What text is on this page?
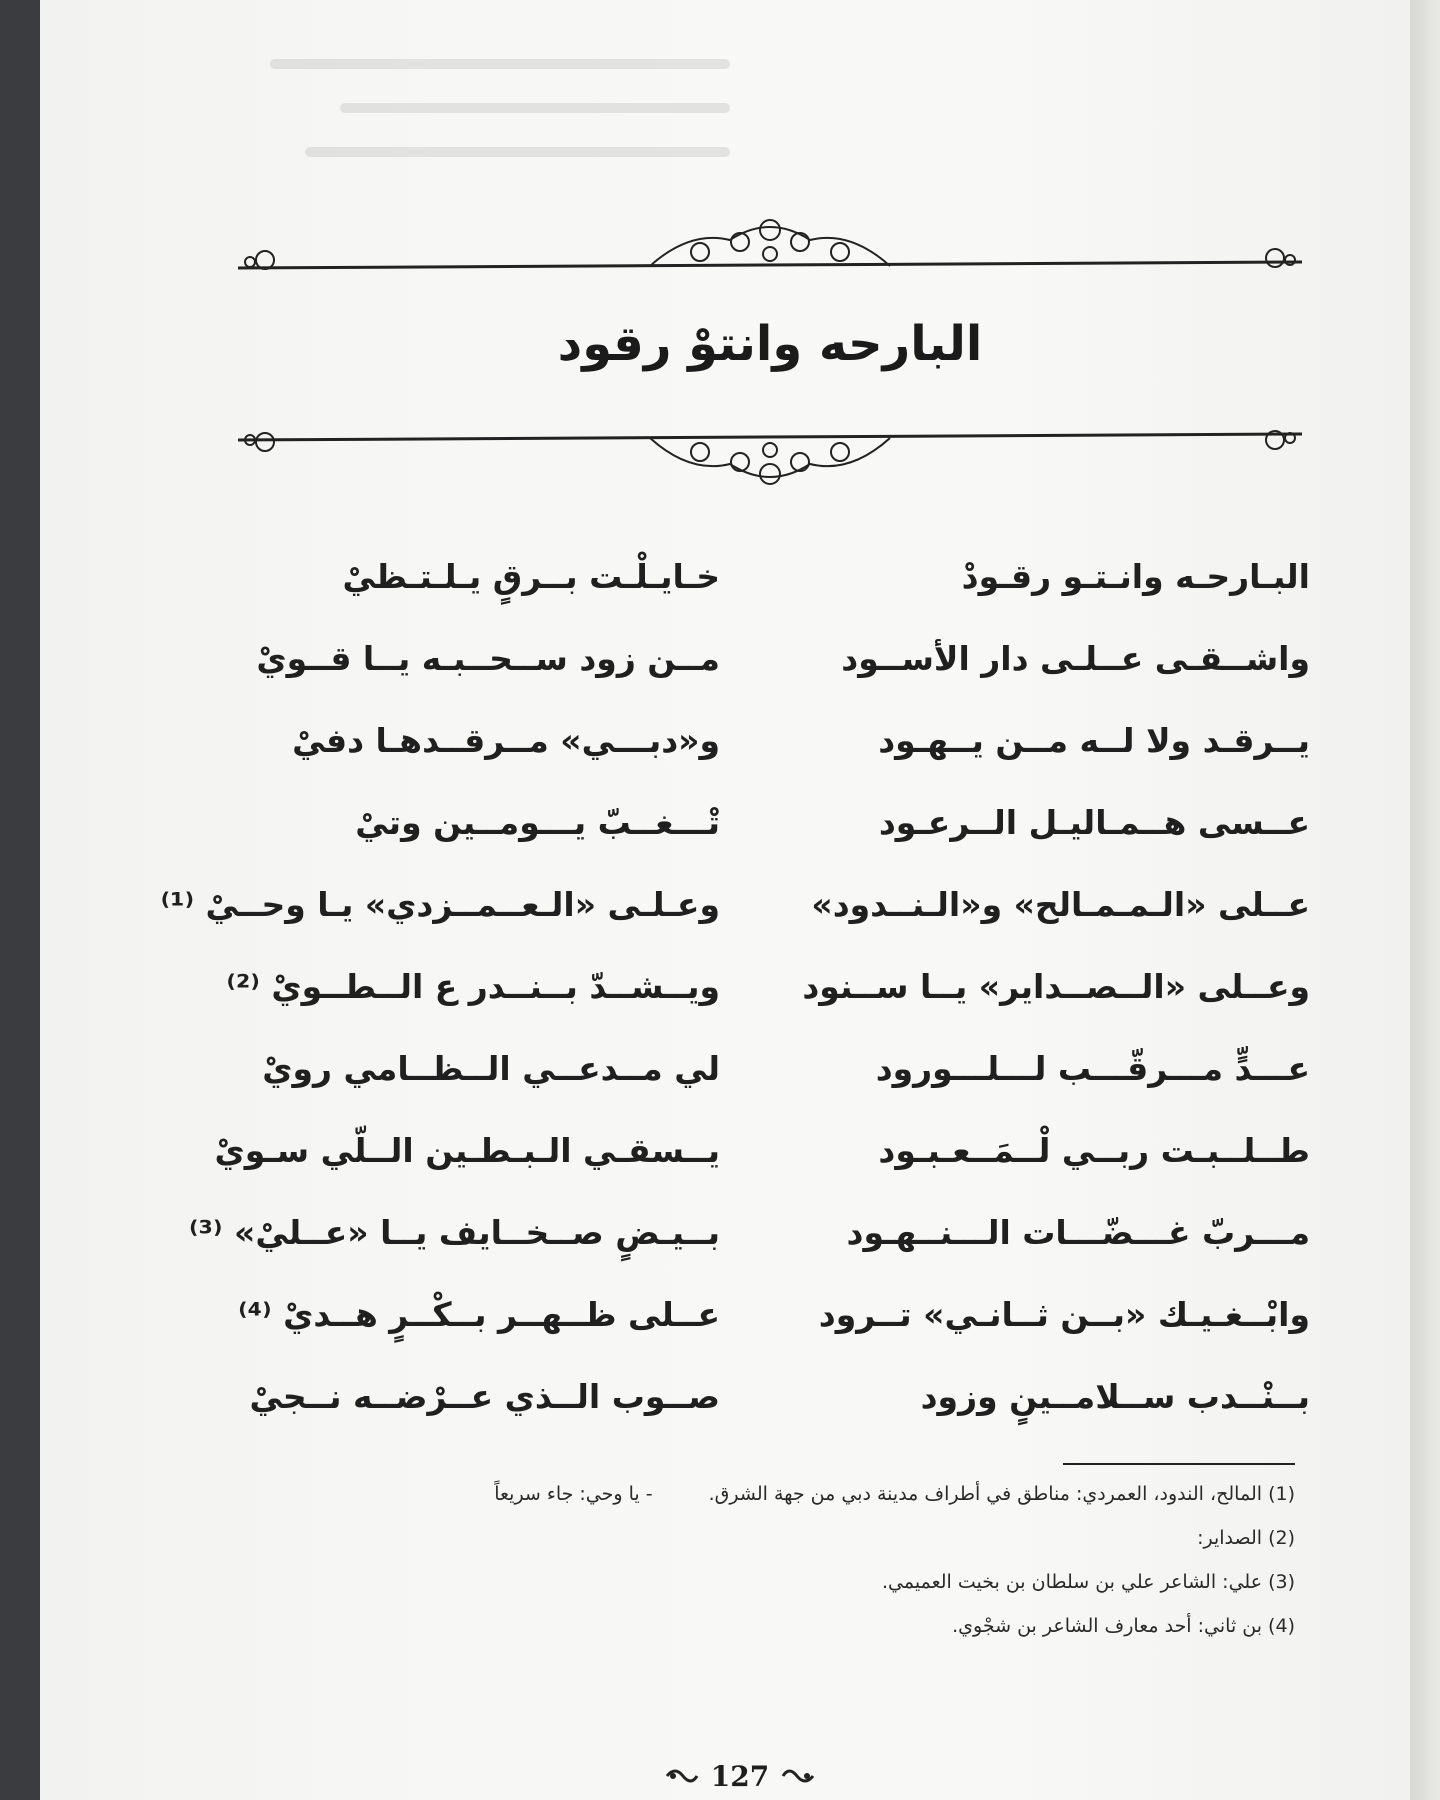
البارحه وانتوْ رقود
البـارحـه وانـتـو رقـودْ
خـايـلْـت بــرقٍ يـلـتـظيْ
واشــقـى عــلـى دار الأســود
مــن زود ســحــبـه يــا قــويْ
يــرقـد ولا لــه مــن يــهـود
و«دبـــي» مــرقــدهـا دفيْ
عــسى هــمـاليـل الــرعـود
تْـــغــبّ يـــومــين وتيْ
عــلى «الـمـمـالح» و«الـنــدود»
وعـلـى «الـعــمــزدي» يـا وحــيْ ⁽¹⁾
وعــلى «الــصــداير» يــا ســنود
ويــشــدّ بــنــدر ع الــطــويْ ⁽²⁾
عـــدٍّ مـــرقّـــب لـــلـــورود
لي مــدعــي الــظــامي رويْ
طــلــبـت ربــي لْــمَــعـبـود
يــسقـي الـبـطـين الــلّي سـويْ
مـــربّ غـــضّـــات الـــنــهـود
بــيـضٍ صــخــايف يــا «عــليْ» ⁽³⁾
وابْــغـيـك «بــن ثــانـي» تــرود
عــلى ظــهــر بــكْــرٍ هــديْ ⁽⁴⁾
بــنْــدب ســلامــينٍ وزود
صــوب الــذي عــرْضــه نــجيْ
(1) المالح، الندود، العمردي: مناطق في أطراف مدينة دبي من جهة الشرق. - يا وحي: جاء سريعاً
(2) الصداير:
(3) علي: الشاعر علي بن سلطان بن بخيت العميمي.
(4) بن ثاني: أحد معارف الشاعر بن شجْوي.
127
